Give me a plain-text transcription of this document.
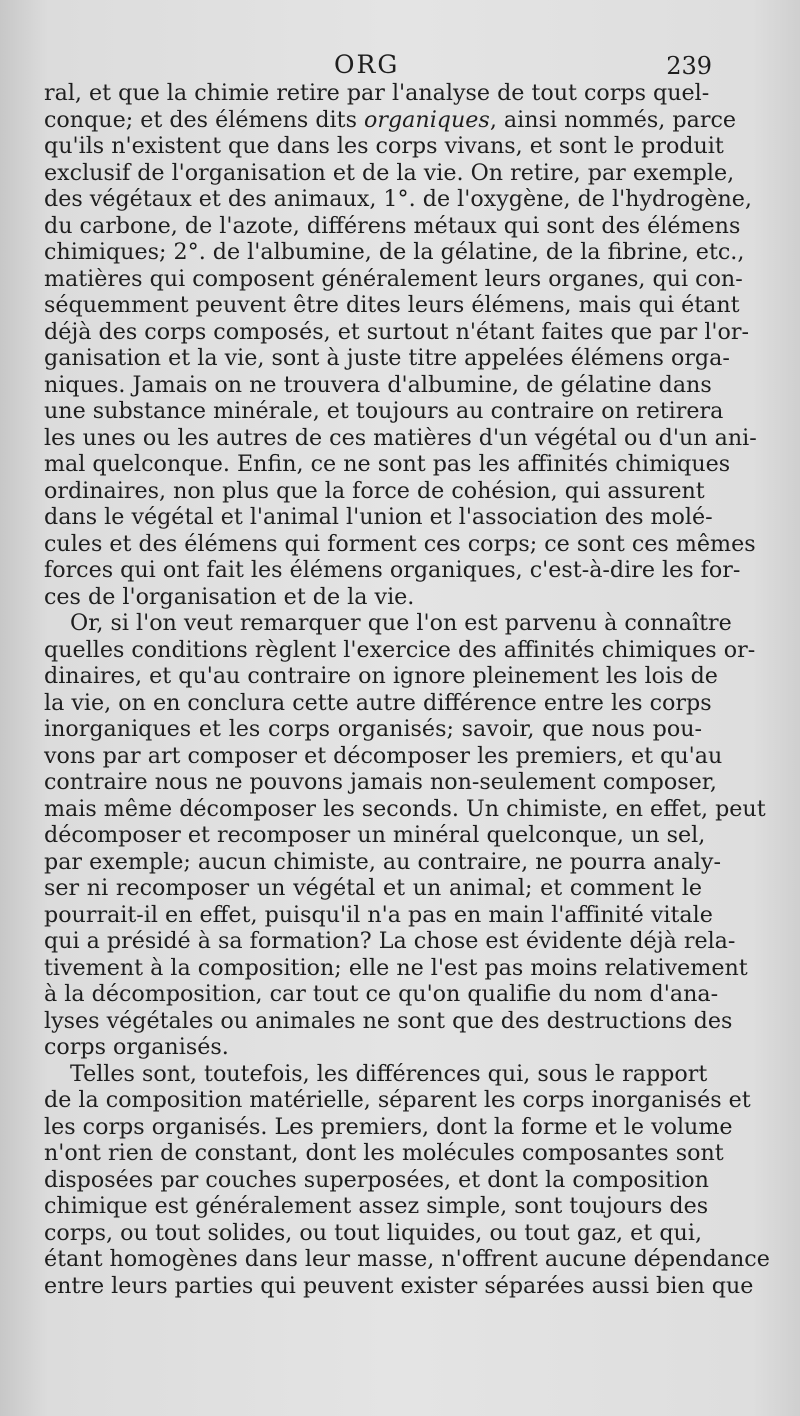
ORG	239
ral, et que la chimie retire par l'analyse de tout corps quel-
conque; et des élémens dits organiques, ainsi nommés, parce
qu'ils n'existent que dans les corps vivans, et sont le produit
exclusif de l'organisation et de la vie. On retire, par exemple,
des végétaux et des animaux, 1°. de l'oxygène, de l'hydrogène,
du carbone, de l'azote, différens métaux qui sont des élémens
chimiques; 2°. de l'albumine, de la gélatine, de la fibrine, etc.,
matières qui composent généralement leurs organes, qui con-
séquemment peuvent être dites leurs élémens, mais qui étant
déjà des corps composés, et surtout n'étant faites que par l'or-
ganisation et la vie, sont à juste titre appelées élémens orga-
niques. Jamais on ne trouvera d'albumine, de gélatine dans
une substance minérale, et toujours au contraire on retirera
les unes ou les autres de ces matières d'un végétal ou d'un ani-
mal quelconque. Enfin, ce ne sont pas les affinités chimiques
ordinaires, non plus que la force de cohésion, qui assurent
dans le végétal et l'animal l'union et l'association des molé-
cules et des élémens qui forment ces corps; ce sont ces mêmes
forces qui ont fait les élémens organiques, c'est-à-dire les for-
ces de l'organisation et de la vie.
Or, si l'on veut remarquer que l'on est parvenu à connaître
quelles conditions règlent l'exercice des affinités chimiques or-
dinaires, et qu'au contraire on ignore pleinement les lois de
la vie, on en conclura cette autre différence entre les corps
inorganiques et les corps organisés; savoir, que nous pou-
vons par art composer et décomposer les premiers, et qu'au
contraire nous ne pouvons jamais non-seulement composer,
mais même décomposer les seconds. Un chimiste, en effet, peut
décomposer et recomposer un minéral quelconque, un sel,
par exemple; aucun chimiste, au contraire, ne pourra analy-
ser ni recomposer un végétal et un animal; et comment le
pourrait-il en effet, puisqu'il n'a pas en main l'affinité vitale
qui a présidé à sa formation? La chose est évidente déjà rela-
tivement à la composition; elle ne l'est pas moins relativement
à la décomposition, car tout ce qu'on qualifie du nom d'ana-
lyses végétales ou animales ne sont que des destructions des
corps organisés.
Telles sont, toutefois, les différences qui, sous le rapport
de la composition matérielle, séparent les corps inorganisés et
les corps organisés. Les premiers, dont la forme et le volume
n'ont rien de constant, dont les molécules composantes sont
disposées par couches superposées, et dont la composition
chimique est généralement assez simple, sont toujours des
corps, ou tout solides, ou tout liquides, ou tout gaz, et qui,
étant homogènes dans leur masse, n'offrent aucune dépendance
entre leurs parties qui peuvent exister séparées aussi bien que
